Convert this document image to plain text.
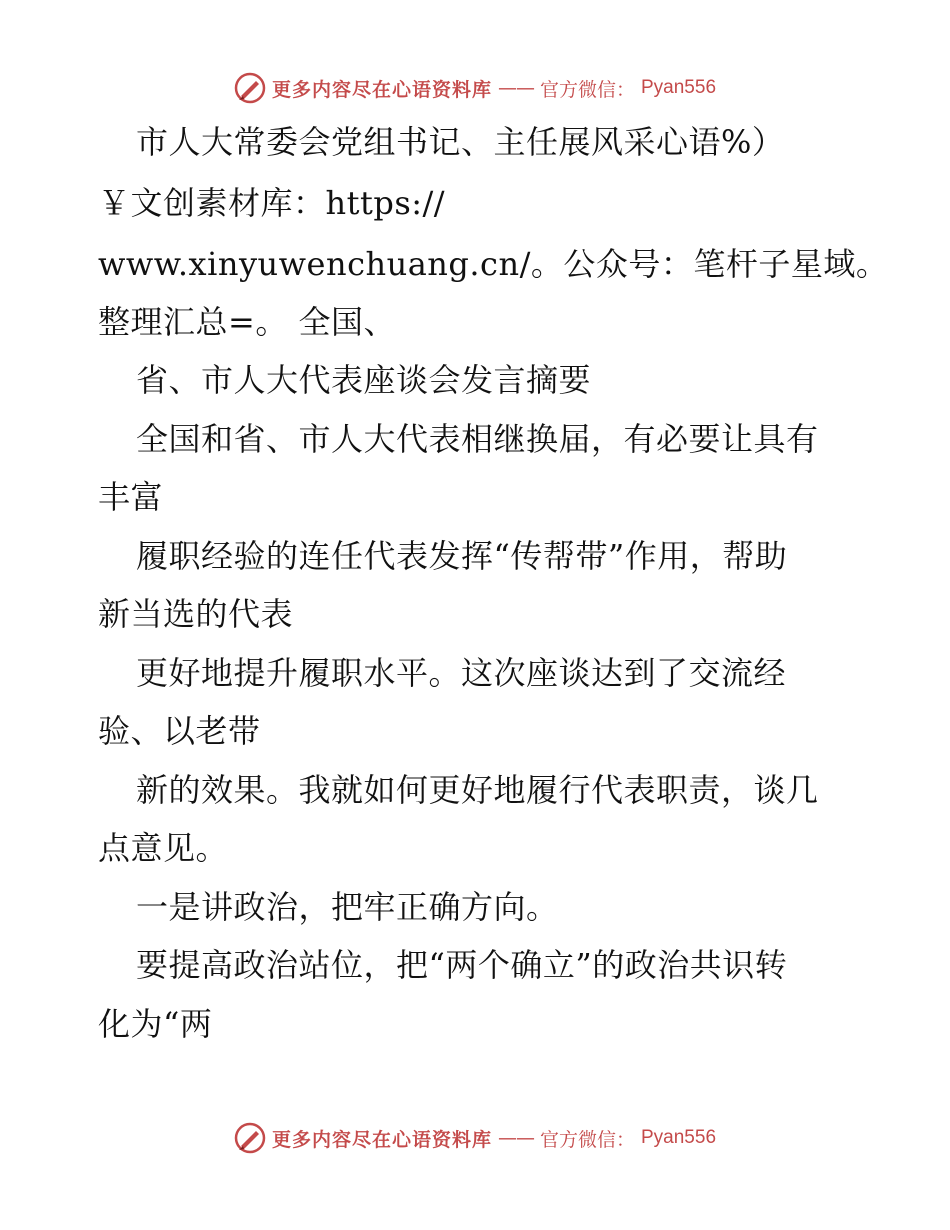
更多内容尽在心语资料库 —— 官方微信： Pyan556
市人大常委会党组书记、主任展风采心语%）
￥文创素材库：https://
www.xinyuwenchuang.cn/。公众号：笔杆子星域。
整理汇总=。 全国、
省、市人大代表座谈会发言摘要
全国和省、市人大代表相继换届，有必要让具有
丰富
履职经验的连任代表发挥“传帮带”作用，帮助
新当选的代表
更好地提升履职水平。这次座谈达到了交流经
验、以老带
新的效果。我就如何更好地履行代表职责，谈几
点意见。
一是讲政治，把牢正确方向。
要提高政治站位，把“两个确立”的政治共识转
化为“两
更多内容尽在心语资料库 —— 官方微信： Pyan556
